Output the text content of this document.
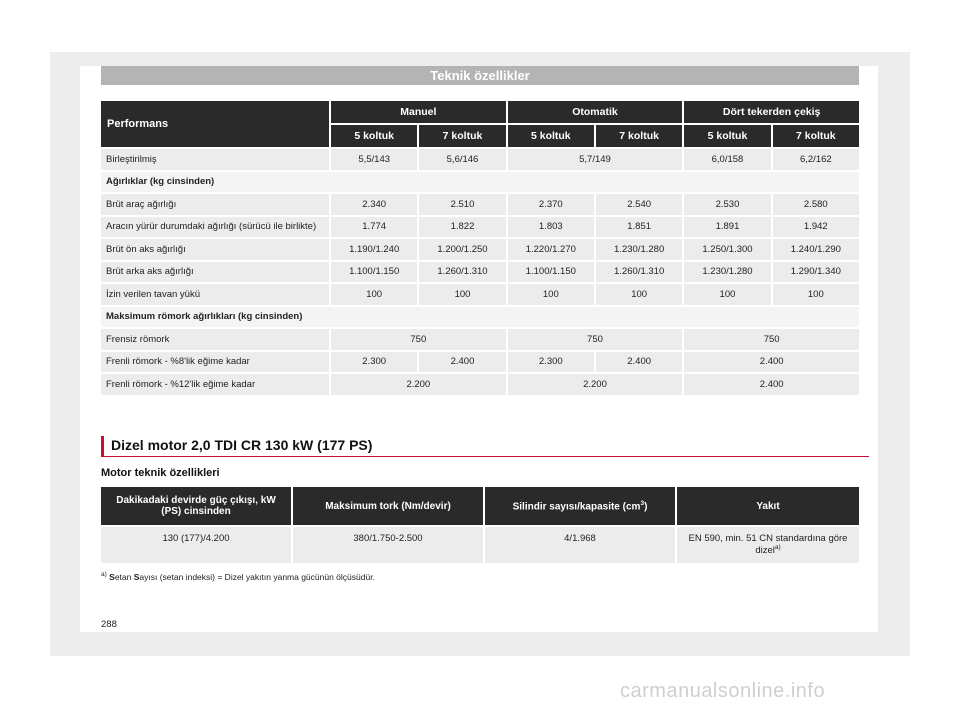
Teknik özellikler
Performans	Manuel		Otomatik		Dört tekerden çekiş	
	5 koltuk	7 koltuk	5 koltuk	7 koltuk	5 koltuk	7 koltuk
Birleştirilmiş	5,5/143	5,6/146	5,7/149		6,0/158	6,2/162
Ağırlıklar (kg cinsinden)						
Brüt araç ağırlığı	2.340	2.510	2.370	2.540	2.530	2.580
Aracın yürür durumdaki ağırlığı (sürücü ile birlikte)	1.774	1.822	1.803	1.851	1.891	1.942
Brüt ön aks ağırlığı	1.190/1.240	1.200/1.250	1.220/1.270	1.230/1.280	1.250/1.300	1.240/1.290
Brüt arka aks ağırlığı	1.100/1.150	1.260/1.310	1.100/1.150	1.260/1.310	1.230/1.280	1.290/1.340
İzin verilen tavan yükü	100	100	100	100	100	100
Maksimum römork ağırlıkları (kg cinsinden)						
Frensiz römork	750		750		750	
Frenli römork - %8'lik eğime kadar	2.300	2.400	2.300	2.400	2.400	
Frenli römork - %12'lik eğime kadar	2.200		2.200		2.400	
Dizel motor 2,0 TDI CR 130 kW (177 PS)
Motor teknik özellikleri
Dakikadaki devirde güç çıkışı, kW (PS) cinsinden	Maksimum tork (Nm/devir)	Silindir sayısı/kapasite $(cm^3)$	Yakıt
130 (177)/4.200	380/1.750-2.500	4/1.968	EN 590, min. 51 CN standardına göre dizel$^{a)}$
$^{a)}$ Setan Sayısı (setan indeksi) = Dizel yakıtın yanma gücünün ölçüsüdür.
288
carmanualsonline.info
